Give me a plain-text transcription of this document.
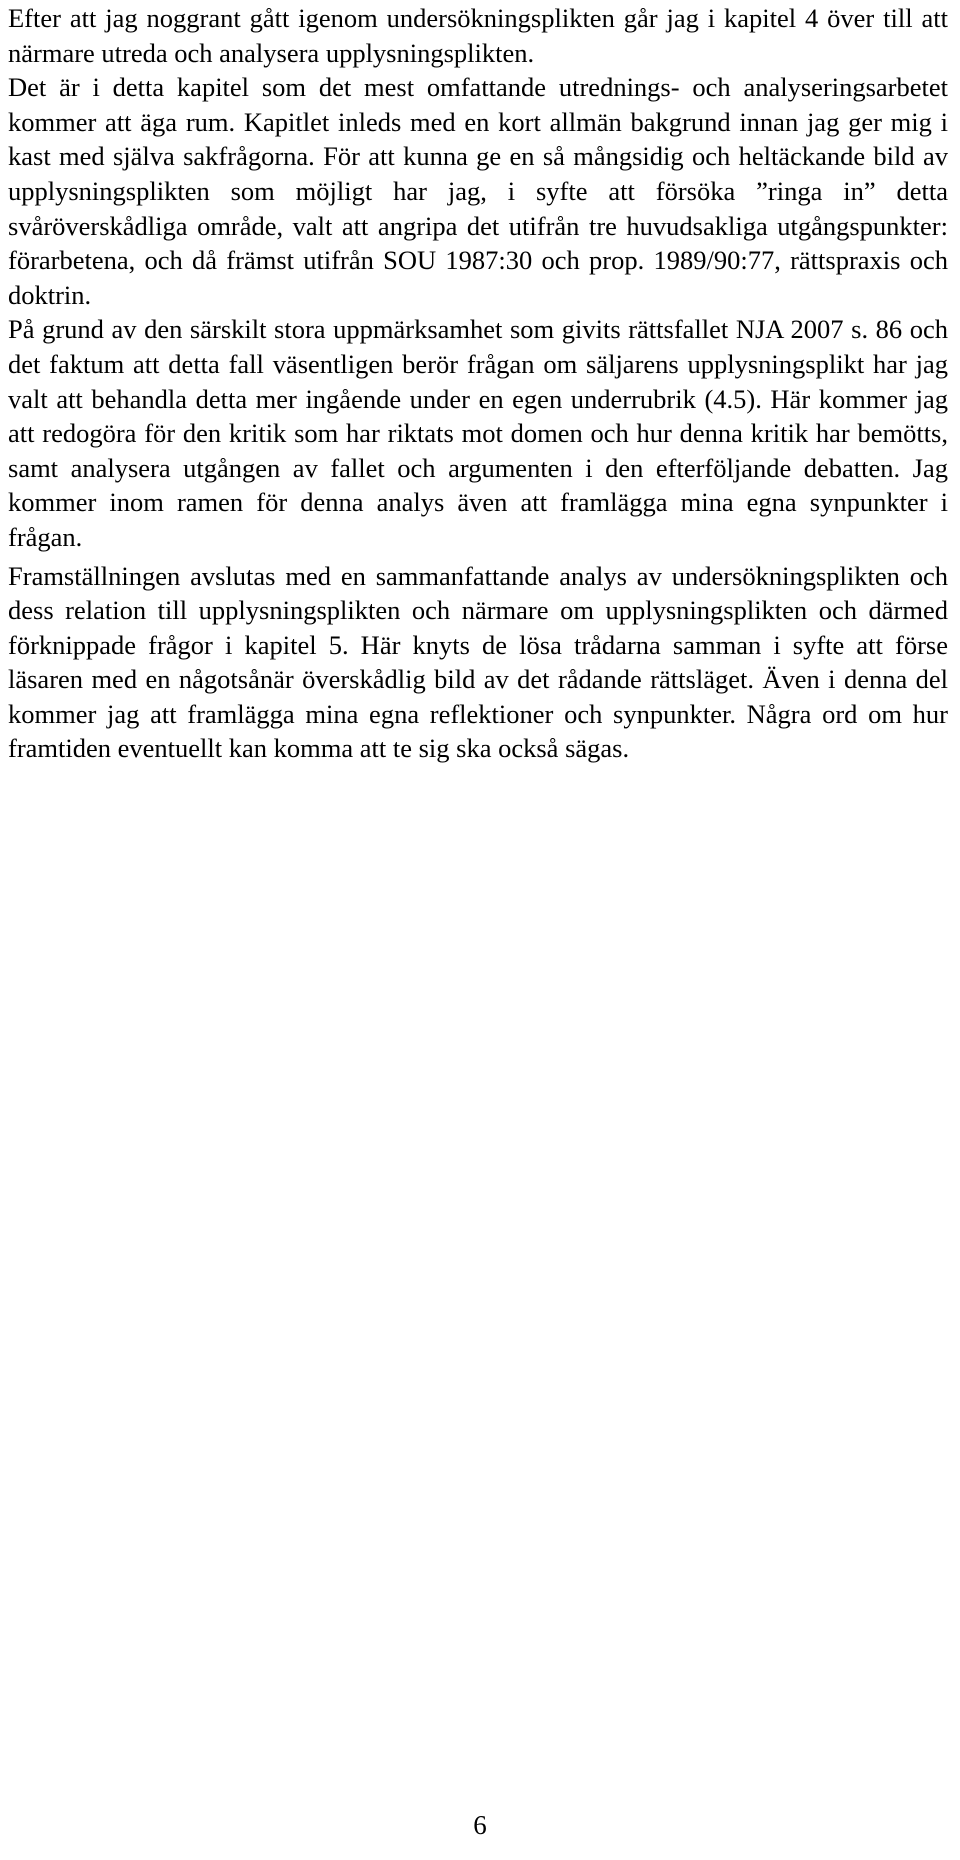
Efter att jag noggrant gått igenom undersökningsplikten går jag i kapitel 4 över till att närmare utreda och analysera upplysningsplikten.

Det är i detta kapitel som det mest omfattande utrednings- och analyseringsarbetet kommer att äga rum. Kapitlet inleds med en kort allmän bakgrund innan jag ger mig i kast med själva sakfrågorna. För att kunna ge en så mångsidig och heltäckande bild av upplysningsplikten som möjligt har jag, i syfte att försöka ”ringa in” detta svåröverskådliga område, valt att angripa det utifrån tre huvudsakliga utgångspunkter: förarbetena, och då främst utifrån SOU 1987:30 och prop. 1989/90:77, rättspraxis och doktrin.

På grund av den särskilt stora uppmärksamhet som givits rättsfallet NJA 2007 s. 86 och det faktum att detta fall väsentligen berör frågan om säljarens upplysningsplikt har jag valt att behandla detta mer ingående under en egen underrubrik (4.5). Här kommer jag att redogöra för den kritik som har riktats mot domen och hur denna kritik har bemötts, samt analysera utgången av fallet och argumenten i den efterföljande debatten. Jag kommer inom ramen för denna analys även att framlägga mina egna synpunkter i frågan.

Framställningen avslutas med en sammanfattande analys av undersökningsplikten och dess relation till upplysningsplikten och närmare om upplysningsplikten och därmed förknippade frågor i kapitel 5. Här knyts de lösa trådarna samman i syfte att förse läsaren med en någotsånär överskådlig bild av det rådande rättsläget. Även i denna del kommer jag att framlägga mina egna reflektioner och synpunkter. Några ord om hur framtiden eventuellt kan komma att te sig ska också sägas.

6
